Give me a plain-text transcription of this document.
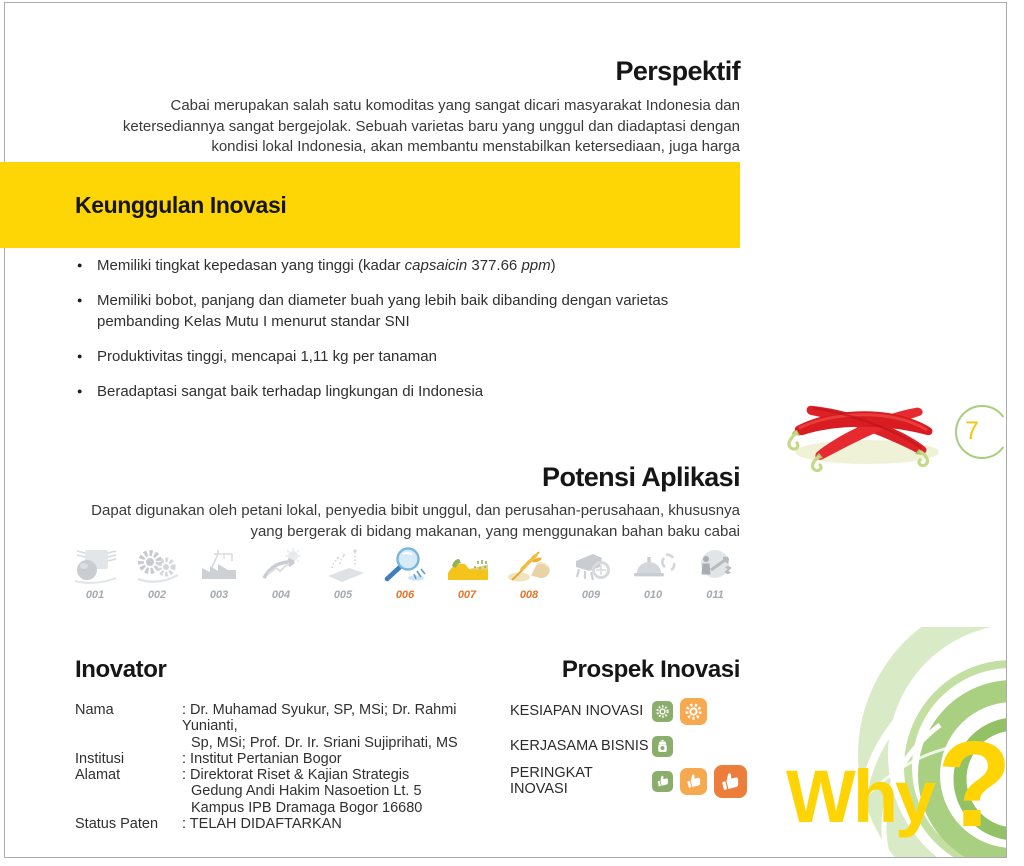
Perspektif
Cabai merupakan salah satu komoditas yang sangat dicari masyarakat Indonesia dan ketersediannya sangat bergejolak. Sebuah varietas baru yang unggul dan diadaptasi dengan kondisi lokal Indonesia, akan membantu menstabilkan ketersediaan, juga harga
Keunggulan Inovasi
● Memiliki tingkat kepedasan yang tinggi (kadar capsaicin 377.66 ppm)
● Memiliki bobot, panjang dan diameter buah yang lebih baik dibanding dengan varietas pembanding Kelas Mutu I menurut standar SNI
● Produktivitas tinggi, mencapai 1,11 kg per tanaman
● Beradaptasi sangat baik terhadap lingkungan di Indonesia
7
Potensi Aplikasi
Dapat digunakan oleh petani lokal, penyedia bibit unggul, dan perusahan-perusahaan, khususnya yang bergerak di bidang makanan, yang menggunakan bahan baku cabai
001	002	003	004	005	006	007	008	009	010	011
Inovator
Nama	: Dr. Muhamad Syukur, SP, MSi; Dr. Rahmi Yunianti,
Sp, MSi; Prof. Dr. Ir. Sriani Sujiprihati, MS
Institusi	: Institut Pertanian Bogor
Alamat	: Direktorat Riset & Kajian Strategis
Gedung Andi Hakim Nasoetion Lt. 5
Kampus IPB Dramaga Bogor 16680
Status Paten	: TELAH DIDAFTARKAN
Prospek Inovasi
KESIAPAN INOVASI
KERJASAMA BISNIS
PERINGKAT INOVASI	Why ?
